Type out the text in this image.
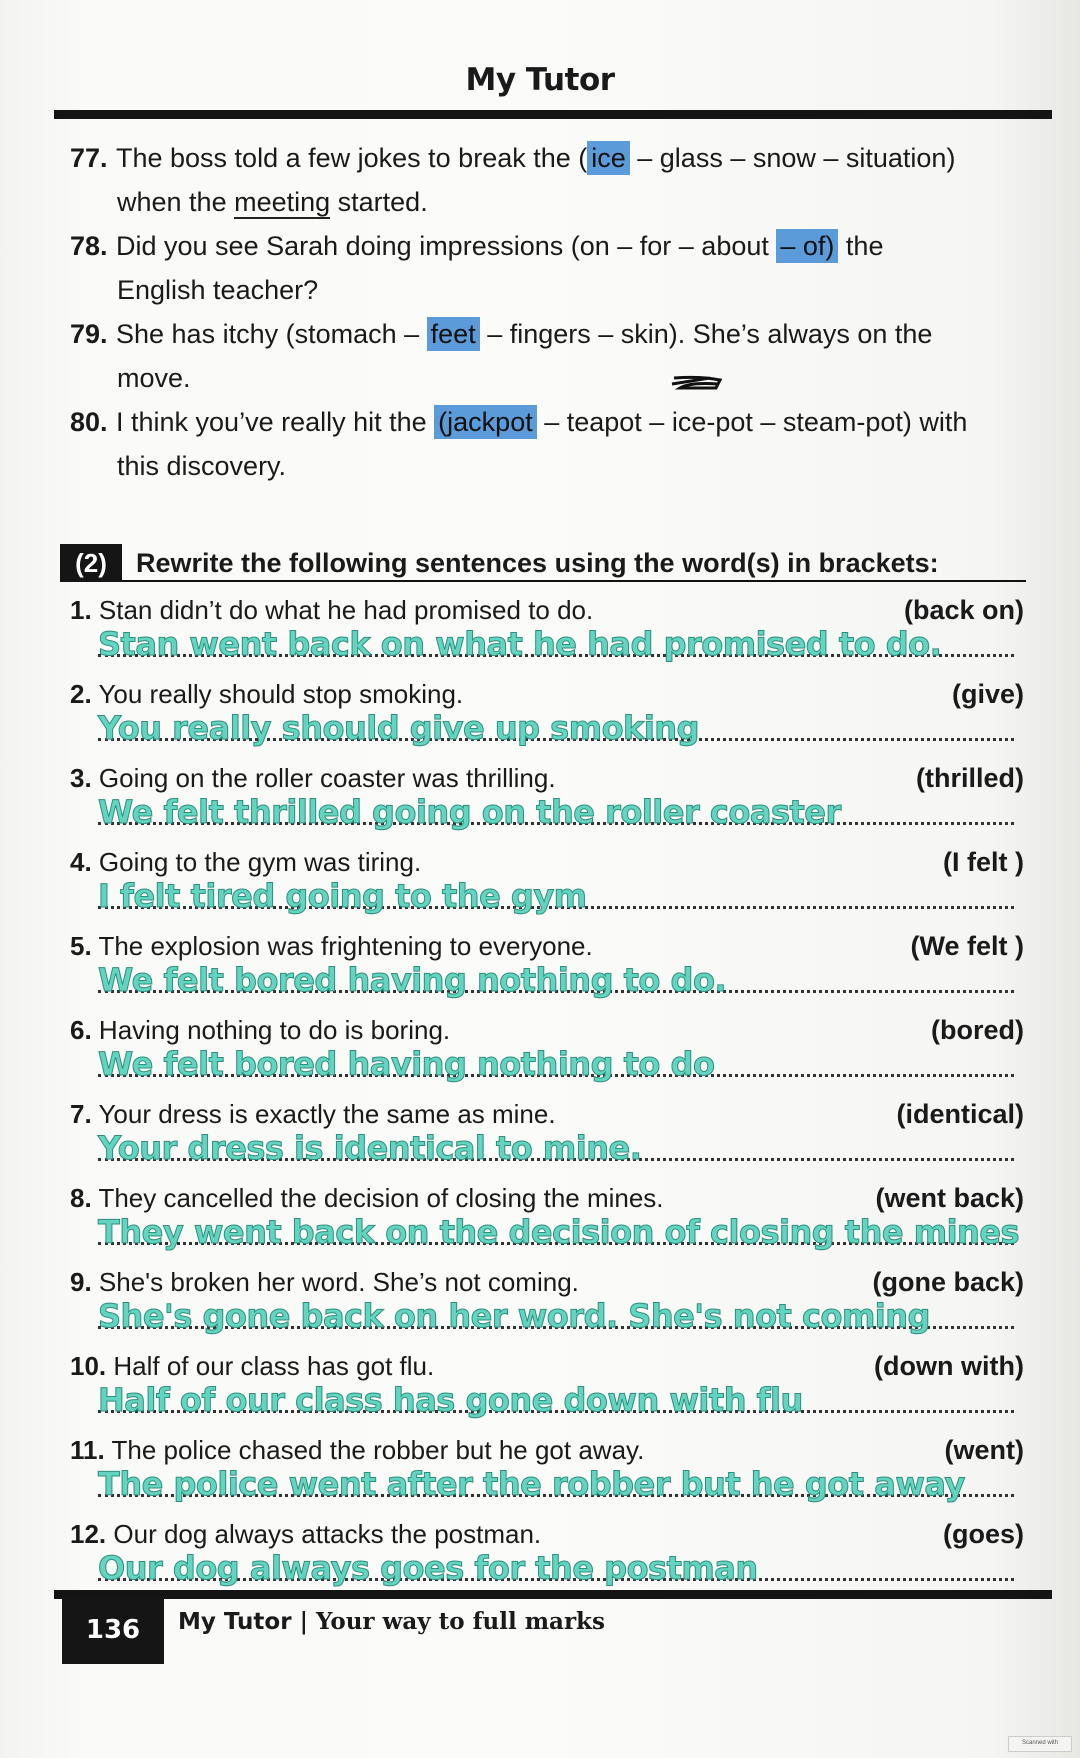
My Tutor
77. The boss told a few jokes to break the ( ice – glass – snow – situation)
when the meeting started.
78. Did you see Sarah doing impressions (on – for – about – of) the
English teacher?
79. She has itchy (stomach – feet – fingers – skin). She’s always on the
move.
80. I think you’ve really hit the (jackpot – teapot – ice-pot – steam-pot) with
this discovery.
(2)	Rewrite the following sentences using the word(s) in brackets:
1. Stan didn’t do what he had promised to do.	(back on)
Stan went back on what he had promised to do.
2. You really should stop smoking.	(give)
You really should give up smoking
3. Going on the roller coaster was thrilling.	(thrilled)
We felt thrilled going on the roller coaster
4. Going to the gym was tiring.	(I felt )
I felt tired going to the gym
5. The explosion was frightening to everyone.	(We felt )
We felt bored having nothing to do.
6. Having nothing to do is boring.	(bored)
We felt bored having nothing to do
7. Your dress is exactly the same as mine.	(identical)
Your dress is identical to mine.
8. They cancelled the decision of closing the mines.	(went back)
They went back on the decision of closing the mines
9. She's broken her word. She’s not coming.	(gone back)
She's gone back on her word. She's not coming
10. Half of our class has got flu.	(down with)
Half of our class has gone down with flu
11. The police chased the robber but he got away.	(went)
The police went after the robber but he got away
12. Our dog always attacks the postman.	(goes)
Our dog always goes for the postman
136	My Tutor | Your way to full marks
Scanned with
